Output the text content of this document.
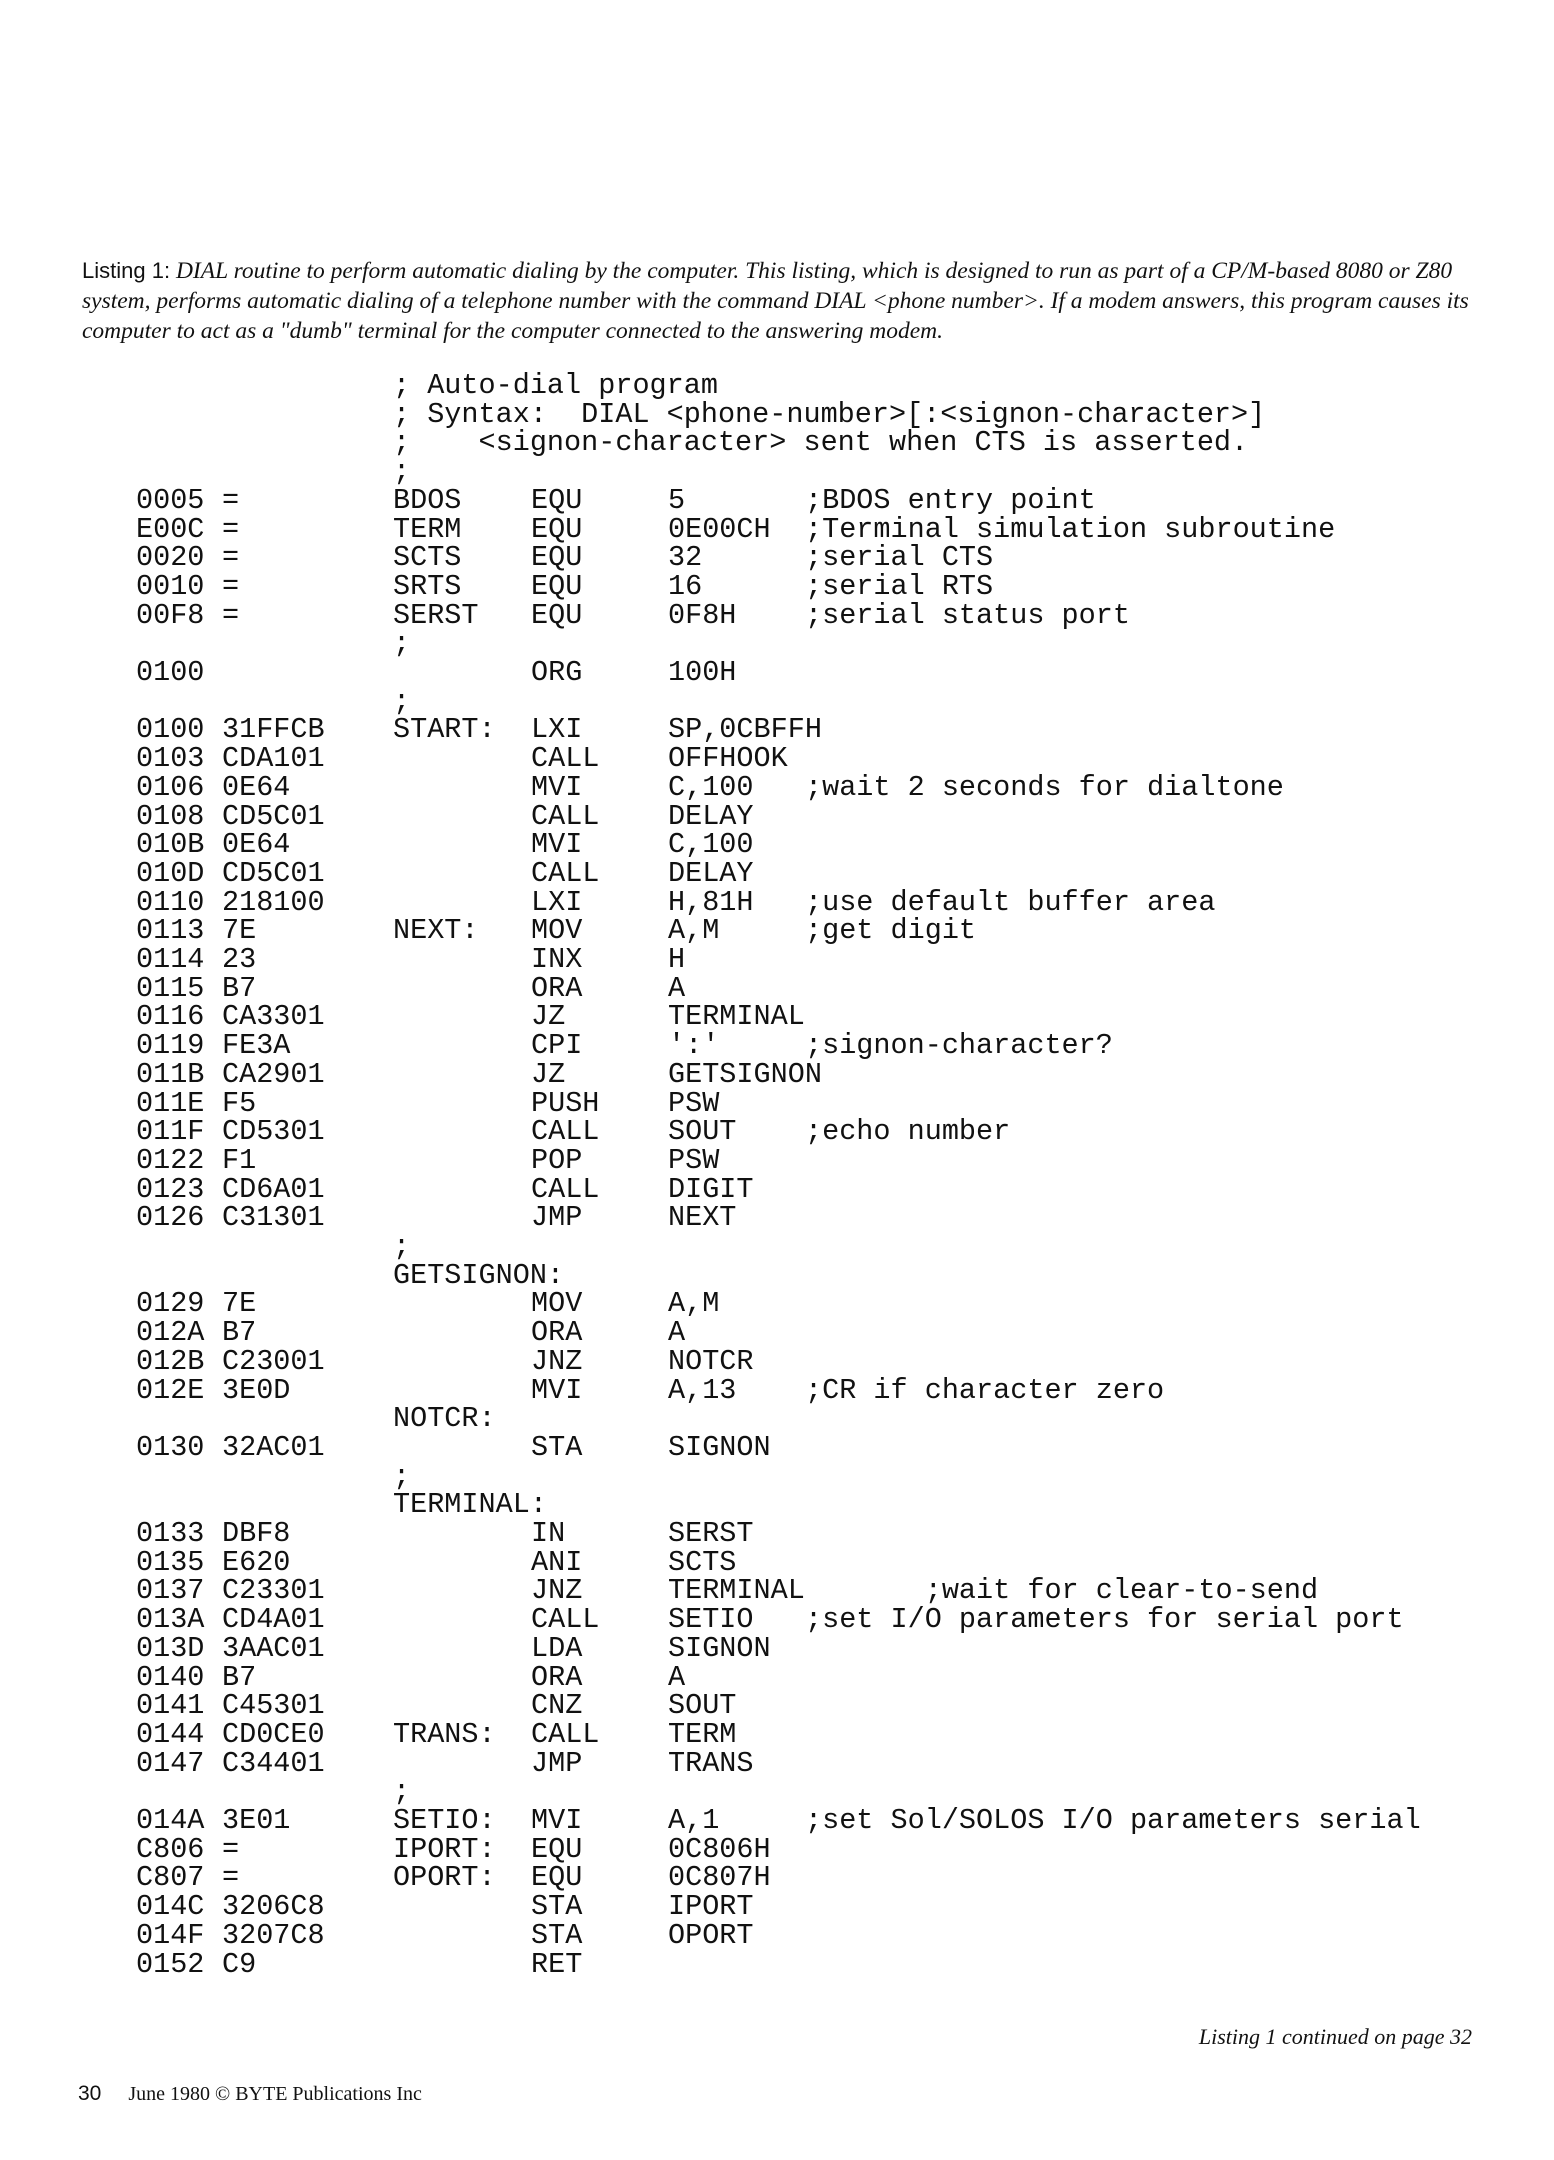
Listing 1: DIAL routine to perform automatic dialing by the computer. This listing, which is designed to run as part of a CP/M-based 8080 or Z80 system, performs automatic dialing of a telephone number with the command DIAL <phone number>. If a modem answers, this program causes its computer to act as a "dumb" terminal for the computer connected to the answering modem.
; Auto-dial program
; Syntax:  DIAL <phone-number>[:<signon-character>]
;    <signon-character> sent when CTS is asserted.
;
0005 =	BDOS EQU	5	;BDOS entry point
E00C =	TERM EQU	0E00CH ;Terminal simulation subroutine
0020 =	SCTS EQU	32	;serial CTS
0010 =	SRTS EQU	16	;serial RTS
00F8 =	SERST EQU	0F8H ;serial status port
;
0100	ORG	100H
;
0100 31FFCB START: LXI	SP,0CBFFH
0103 CDA101	CALL OFFHOOK
0106 0E64	MVI	C,100 ;wait 2 seconds for dialtone
0108 CD5C01	CALL DELAY
010B 0E64	MVI	C,100
010D CD5C01	CALL DELAY
0110 218100	LXI	H,81H ;use default buffer area
0113 7E	NEXT: MOV	A,M	;get digit
0114 23	INX	H
0115 B7	ORA	A
0116 CA3301	JZ	TERMINAL
0119 FE3A	CPI	':'	;signon-character?
011B CA2901	JZ	GETSIGNON
011E F5	PUSH PSW
011F CD5301	CALL SOUT ;echo number
0122 F1	POP	PSW
0123 CD6A01	CALL DIGIT
0126 C31301	JMP	NEXT
;
GETSIGNON:
0129 7E	MOV	A,M
012A B7	ORA	A
012B C23001	JNZ	NOTCR
012E 3E0D	MVI	A,13 ;CR if character zero
NOTCR:
0130 32AC01	STA	SIGNON
;
TERMINAL:
0133 DBF8	IN	SERST
0135 E620	ANI	SCTS
0137 C23301	JNZ	TERMINAL ;wait for clear-to-send
013A CD4A01	CALL SETIO ;set I/O parameters for serial port
013D 3AAC01	LDA	SIGNON
0140 B7	ORA	A
0141 C45301	CNZ	SOUT
0144 CD0CE0 TRANS: CALL TERM
0147 C34401	JMP	TRANS
;
014A 3E01	SETIO: MVI	A,1	;set Sol/SOLOS I/O parameters serial
C806 =	IPORT: EQU	0C806H
C807 =	OPORT: EQU	0C807H
014C 3206C8	STA	IPORT
014F 3207C8	STA	OPORT
0152 C9	RET
Listing 1 continued on page 32
30 June 1980 © BYTE Publications Inc
